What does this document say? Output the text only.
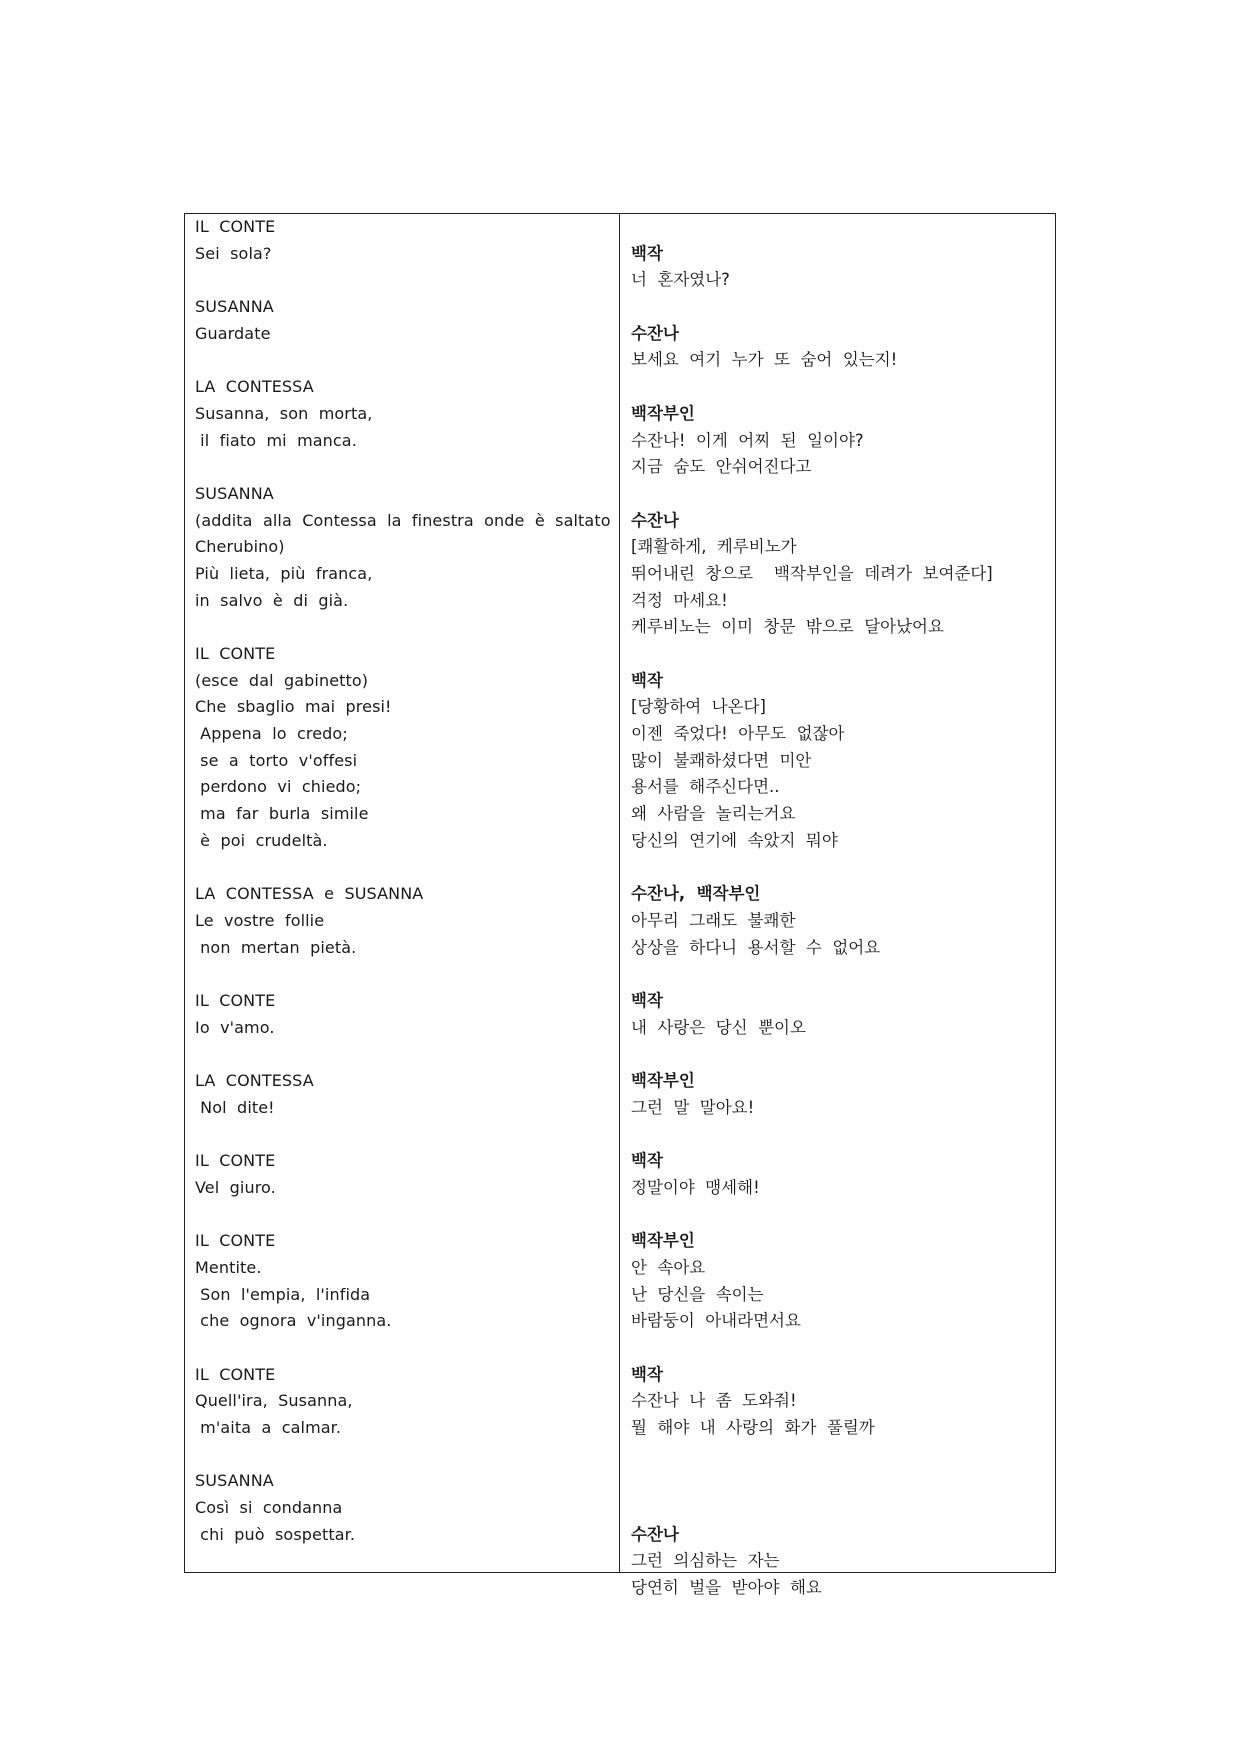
IL  CONTE
Sei  sola?
SUSANNA
Guardate
LA  CONTESSA
Susanna,  son  morta,
il  fiato  mi  manca.
SUSANNA
(addita  alla  Contessa  la  finestra  onde  è  saltato
Cherubino)
Più  lieta,  più  franca,
in  salvo  è  di  già.
IL  CONTE
(esce  dal  gabinetto)
Che  sbaglio  mai  presi!
Appena  lo  credo;
se  a  torto  v'offesi
perdono  vi  chiedo;
ma  far  burla  simile
è  poi  crudeltà.
LA  CONTESSA  e  SUSANNA
Le  vostre  follie
non  mertan  pietà.
IL  CONTE
Io  v'amo.
LA  CONTESSA
Nol  dite!
IL  CONTE
Vel  giuro.
IL  CONTE
Mentite.
Son  l'empia,  l'infida
che  ognora  v'inganna.
IL  CONTE
Quell'ira,  Susanna,
m'aita  a  calmar.
SUSANNA
Così  si  condanna
chi  può  sospettar.
백작
너  혼자였나?
수잔나
보세요  여기  누가  또  숨어  있는지!
백작부인
수잔나!  이게  어찌  된  일이야?
지금  숨도  안쉬어진다고
수잔나
[쾌활하게,  케루비노가
뛰어내린  창으로    백작부인을  데려가  보여준다]
걱정  마세요!
케루비노는  이미  창문  밖으로  달아났어요
백작
[당황하여  나온다]
이젠  죽었다!  아무도  없잖아
많이  불쾌하셨다면  미안
용서를  해주신다면..
왜  사람을  놀리는거요
당신의  연기에  속았지  뭐야
수잔나,  백작부인
아무리  그래도  불쾌한
상상을  하다니  용서할  수  없어요
백작
내  사랑은  당신  뿐이오
백작부인
그런  말  말아요!
백작
정말이야  맹세해!
백작부인
안  속아요
난  당신을  속이는
바람둥이  아내라면서요
백작
수잔나  나  좀  도와줘!
뭘  해야  내  사랑의  화가  풀릴까
수잔나
그런  의심하는  자는
당연히  벌을  받아야  해요
